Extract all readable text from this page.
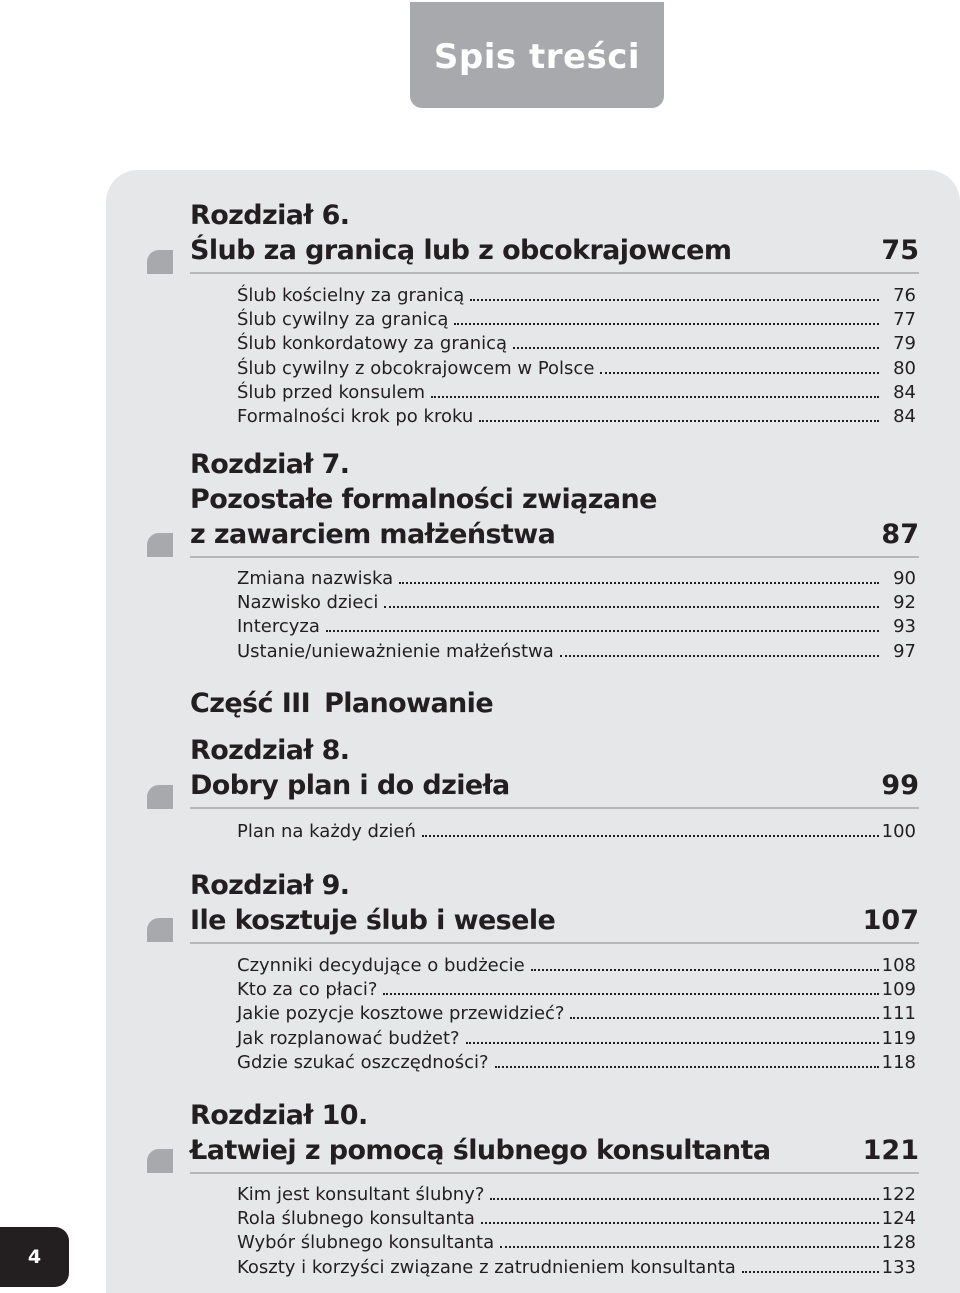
Spis treści
4
Rozdział 6.
Ślub za granicą lub z obcokrajowcem	75
Ślub kościelny za granicą	76
Ślub cywilny za granicą	77
Ślub konkordatowy za granicą	79
Ślub cywilny z obcokrajowcem w Polsce	80
Ślub przed konsulem	84
Formalności krok po kroku	84
Rozdział 7.
Pozostałe formalności związane
z zawarciem małżeństwa	87
Zmiana nazwiska	90
Nazwisko dzieci	92
Intercyza	93
Ustanie/unieważnienie małżeństwa	97
Część III Planowanie
Rozdział 8.
Dobry plan i do dzieła	99
Plan na każdy dzień	100
Rozdział 9.
Ile kosztuje ślub i wesele	107
Czynniki decydujące o budżecie	108
Kto za co płaci?	109
Jakie pozycje kosztowe przewidzieć?	111
Jak rozplanować budżet?	119
Gdzie szukać oszczędności?	118
Rozdział 10.
Łatwiej z pomocą ślubnego konsultanta	121
Kim jest konsultant ślubny?	122
Rola ślubnego konsultanta	124
Wybór ślubnego konsultanta	128
Koszty i korzyści związane z zatrudnieniem konsultanta	133
